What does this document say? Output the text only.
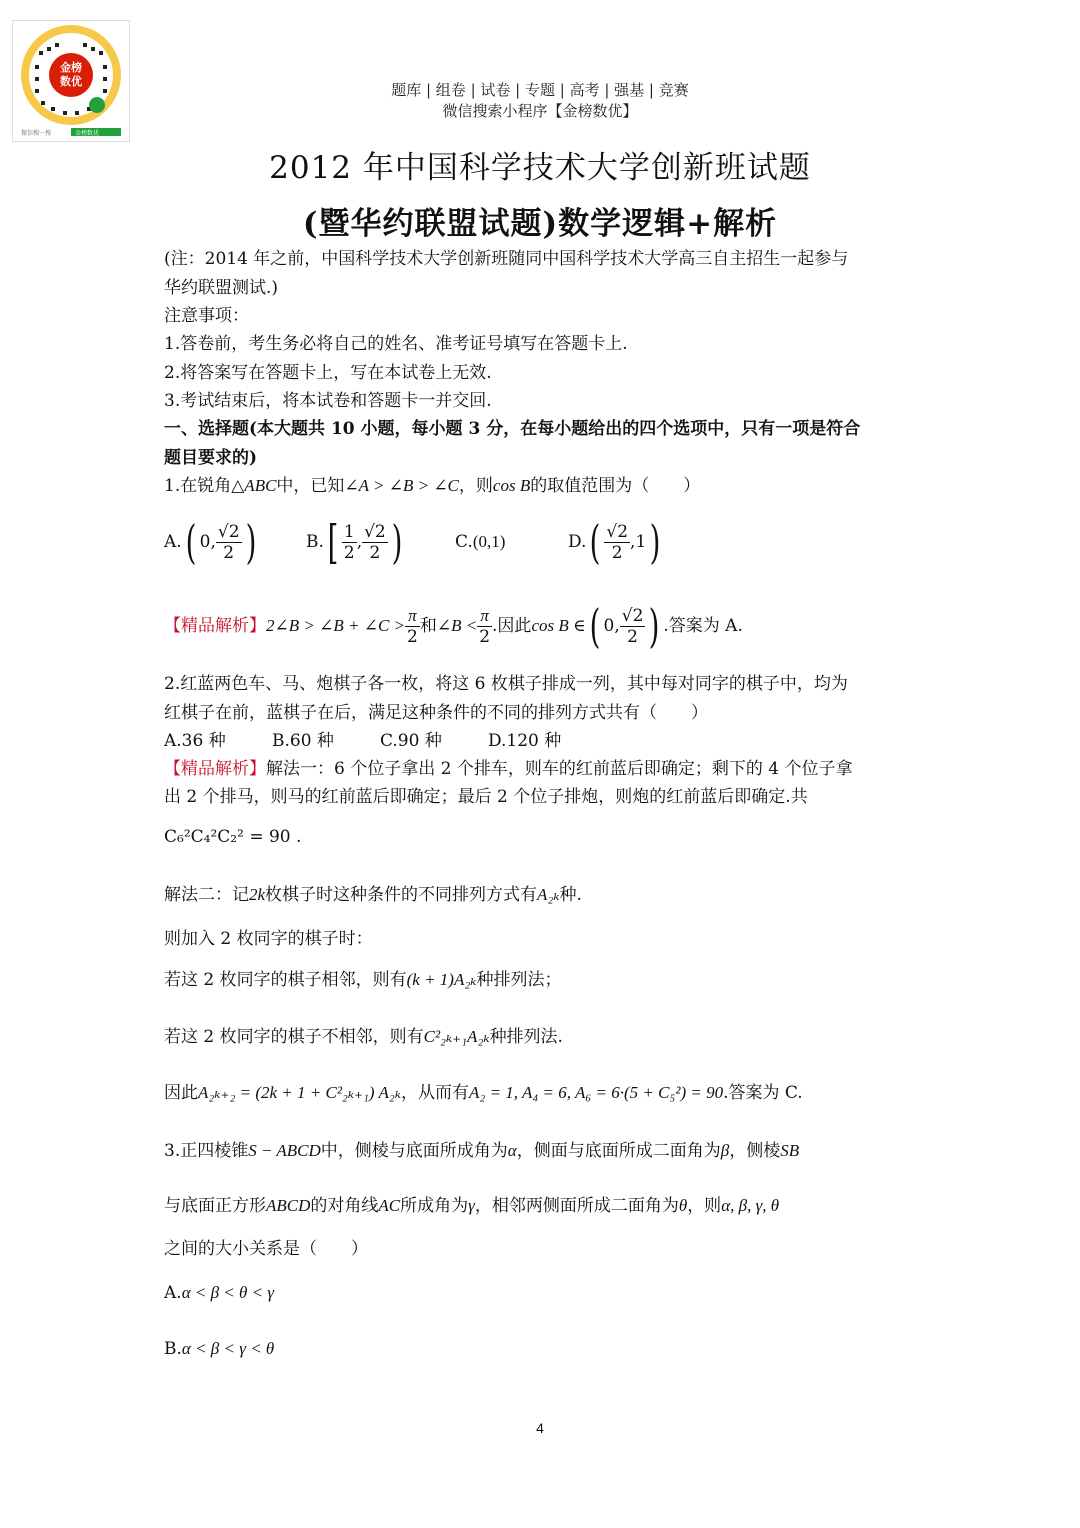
金榜
数优
微信搜一搜	金榜数优
题库 | 组卷 | 试卷 | 专题 | 高考 | 强基 | 竞赛
微信搜索小程序【金榜数优】
2012 年中国科学技术大学创新班试题
(暨华约联盟试题)数学逻辑+解析
(注：2014 年之前，中国科学技术大学创新班随同中国科学技术大学高三自主招生一起参与
华约联盟测试.)
注意事项：
1.答卷前，考生务必将自己的姓名、准考证号填写在答题卡上.
2.将答案写在答题卡上，写在本试卷上无效.
3.考试结束后，将本试卷和答题卡一并交回.
一、选择题(本大题共 10 小题，每小题 3 分，在每小题给出的四个选项中，只有一项是符合
题目要求的)
1.在锐角△ABC中，已知∠A > ∠B > ∠C，则cos B的取值范围为（　　）
A. ( 0, $\frac{√2}{2}$ )	B. [ $\frac{1}{2}$ , $\frac{√2}{2}$ )	C. (0,1)	D. ( $\frac{√2}{2} ,1$ )
【精品解析】 2∠B > ∠B + ∠C > $\frac{\pi}{2}$ 和 ∠B < $\frac{\pi}{2}$ .因此 cos B ∈ ( 0, $\frac{√2}{2}$ ) .答案为 A.
2.红蓝两色车、马、炮棋子各一枚，将这 6 枚棋子排成一列，其中每对同字的棋子中，均为
红棋子在前，蓝棋子在后，满足这种条件的不同的排列方式共有（　　）
A.36 种	B.60 种	C.90 种	D.120 种
【精品解析】解法一：6 个位子拿出 2 个排车，则车的红前蓝后即确定；剩下的 4 个位子拿
出 2 个排马，则马的红前蓝后即确定；最后 2 个位子排炮，则炮的红前蓝后即确定.共
C₆²C₄²C₂² = 90 .
解法二：记2k枚棋子时这种条件的不同排列方式有A₂ₖ种.
则加入 2 枚同字的棋子时：
若这 2 枚同字的棋子相邻，则有(k + 1)A₂ₖ种排列法；
若这 2 枚同字的棋子不相邻，则有C²₂ₖ₊₁A₂ₖ种排列法.
因此A₂ₖ₊₂ = (2k + 1 + C²₂ₖ₊₁) A₂ₖ，从而有A₂ = 1, A₄ = 6, A₆ = 6·(5 + C₅²) = 90.答案为 C.
3.正四棱锥S − ABCD中，侧棱与底面所成角为α，侧面与底面所成二面角为β，侧棱SB
与底面正方形ABCD的对角线AC所成角为γ，相邻两侧面所成二面角为θ，则α, β, γ, θ
之间的大小关系是（　　）
A.α < β < θ < γ
B.α < β < γ < θ
4
